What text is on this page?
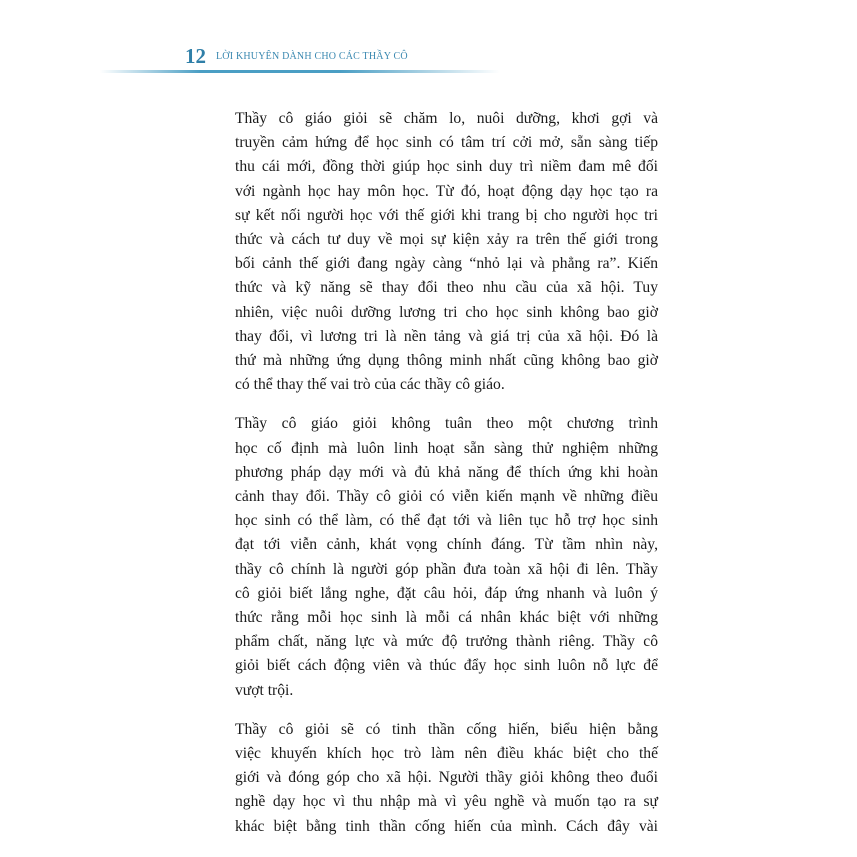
12 LỜI KHUYÊN DÀNH CHO CÁC THẦY CÔ
Thầy cô giáo giỏi sẽ chăm lo, nuôi dưỡng, khơi gợi và
truyền cảm hứng để học sinh có tâm trí cởi mở, sẵn sàng tiếp
thu cái mới, đồng thời giúp học sinh duy trì niềm đam mê đối
với ngành học hay môn học. Từ đó, hoạt động dạy học tạo ra
sự kết nối người học với thế giới khi trang bị cho người học tri
thức và cách tư duy về mọi sự kiện xảy ra trên thế giới trong
bối cảnh thế giới đang ngày càng “nhỏ lại và phẳng ra”. Kiến
thức và kỹ năng sẽ thay đổi theo nhu cầu của xã hội. Tuy
nhiên, việc nuôi dưỡng lương tri cho học sinh không bao giờ
thay đổi, vì lương tri là nền tảng và giá trị của xã hội. Đó là
thứ mà những ứng dụng thông minh nhất cũng không bao giờ
có thể thay thế vai trò của các thầy cô giáo.
Thầy cô giáo giỏi không tuân theo một chương trình
học cố định mà luôn linh hoạt sẵn sàng thử nghiệm những
phương pháp dạy mới và đủ khả năng để thích ứng khi hoàn
cảnh thay đổi. Thầy cô giỏi có viễn kiến mạnh về những điều
học sinh có thể làm, có thể đạt tới và liên tục hỗ trợ học sinh
đạt tới viễn cảnh, khát vọng chính đáng. Từ tầm nhìn này,
thầy cô chính là người góp phần đưa toàn xã hội đi lên. Thầy
cô giỏi biết lắng nghe, đặt câu hỏi, đáp ứng nhanh và luôn ý
thức rằng mỗi học sinh là mỗi cá nhân khác biệt với những
phẩm chất, năng lực và mức độ trưởng thành riêng. Thầy cô
giỏi biết cách động viên và thúc đẩy học sinh luôn nỗ lực để
vượt trội.
Thầy cô giỏi sẽ có tinh thần cống hiến, biểu hiện bằng
việc khuyến khích học trò làm nên điều khác biệt cho thế
giới và đóng góp cho xã hội. Người thầy giỏi không theo đuổi
nghề dạy học vì thu nhập mà vì yêu nghề và muốn tạo ra sự
khác biệt bằng tinh thần cống hiến của mình. Cách đây vài
